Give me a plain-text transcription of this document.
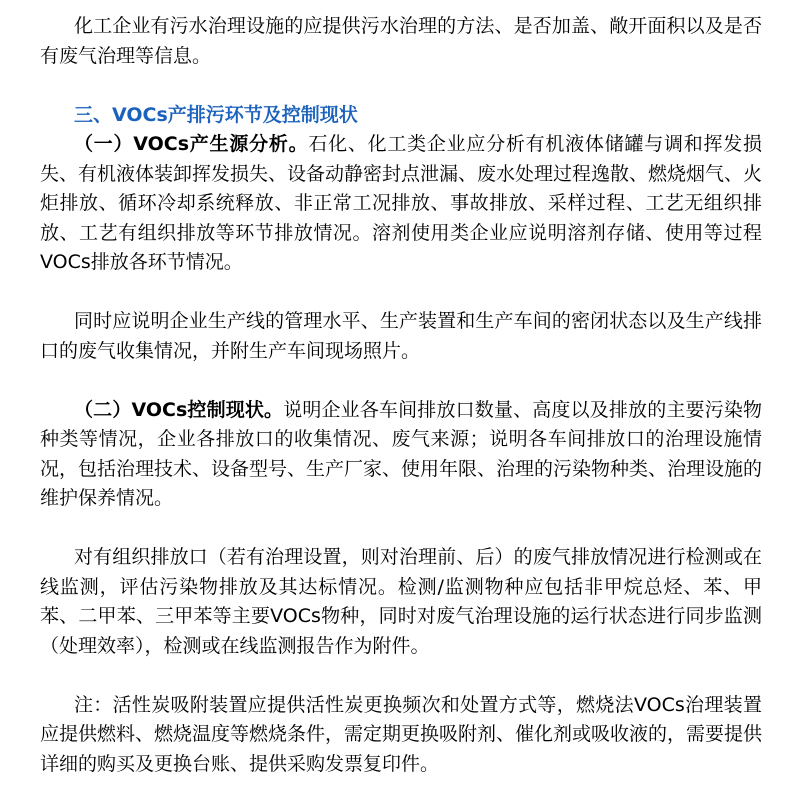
化工企业有污水治理设施的应提供污水治理的方法、是否加盖、敞开面积以及是否有废气治理等信息。

三、VOCs产排污环节及控制现状

（一）VOCs产生源分析。石化、化工类企业应分析有机液体储罐与调和挥发损失、有机液体装卸挥发损失、设备动静密封点泄漏、废水处理过程逸散、燃烧烟气、火炬排放、循环冷却系统释放、非正常工况排放、事故排放、采样过程、工艺无组织排放、工艺有组织排放等环节排放情况。溶剂使用类企业应说明溶剂存储、使用等过程VOCs排放各环节情况。

同时应说明企业生产线的管理水平、生产装置和生产车间的密闭状态以及生产线排口的废气收集情况，并附生产车间现场照片。

（二）VOCs控制现状。说明企业各车间排放口数量、高度以及排放的主要污染物种类等情况，企业各排放口的收集情况、废气来源；说明各车间排放口的治理设施情况，包括治理技术、设备型号、生产厂家、使用年限、治理的污染物种类、治理设施的维护保养情况。

对有组织排放口（若有治理设置，则对治理前、后）的废气排放情况进行检测或在线监测，评估污染物排放及其达标情况。检测/监测物种应包括非甲烷总烃、苯、甲苯、二甲苯、三甲苯等主要VOCs物种，同时对废气治理设施的运行状态进行同步监测（处理效率），检测或在线监测报告作为附件。

注：活性炭吸附装置应提供活性炭更换频次和处置方式等，燃烧法VOCs治理装置应提供燃料、燃烧温度等燃烧条件，需定期更换吸附剂、催化剂或吸收液的，需要提供详细的购买及更换台账、提供采购发票复印件。
